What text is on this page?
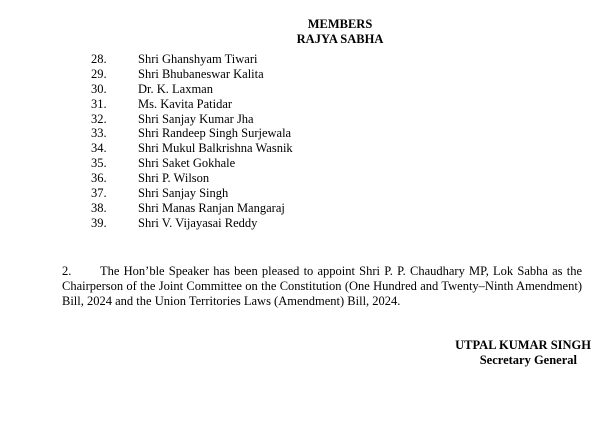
MEMBERS
RAJYA SABHA
28.	Shri Ghanshyam Tiwari
29.	Shri Bhubaneswar Kalita
30.	Dr. K. Laxman
31.	Ms. Kavita Patidar
32.	Shri Sanjay Kumar Jha
33.	Shri Randeep Singh Surjewala
34.	Shri Mukul Balkrishna Wasnik
35.	Shri Saket Gokhale
36.	Shri P. Wilson
37.	Shri Sanjay Singh
38.	Shri Manas Ranjan Mangaraj
39.	Shri V. Vijayasai Reddy
2. The Hon’ble Speaker has been pleased to appoint Shri P. P. Chaudhary MP, Lok Sabha as the Chairperson of the Joint Committee on the Constitution (One Hundred and Twenty–Ninth Amendment) Bill, 2024 and the Union Territories Laws (Amendment) Bill, 2024.
UTPAL KUMAR SINGH
Secretary General
